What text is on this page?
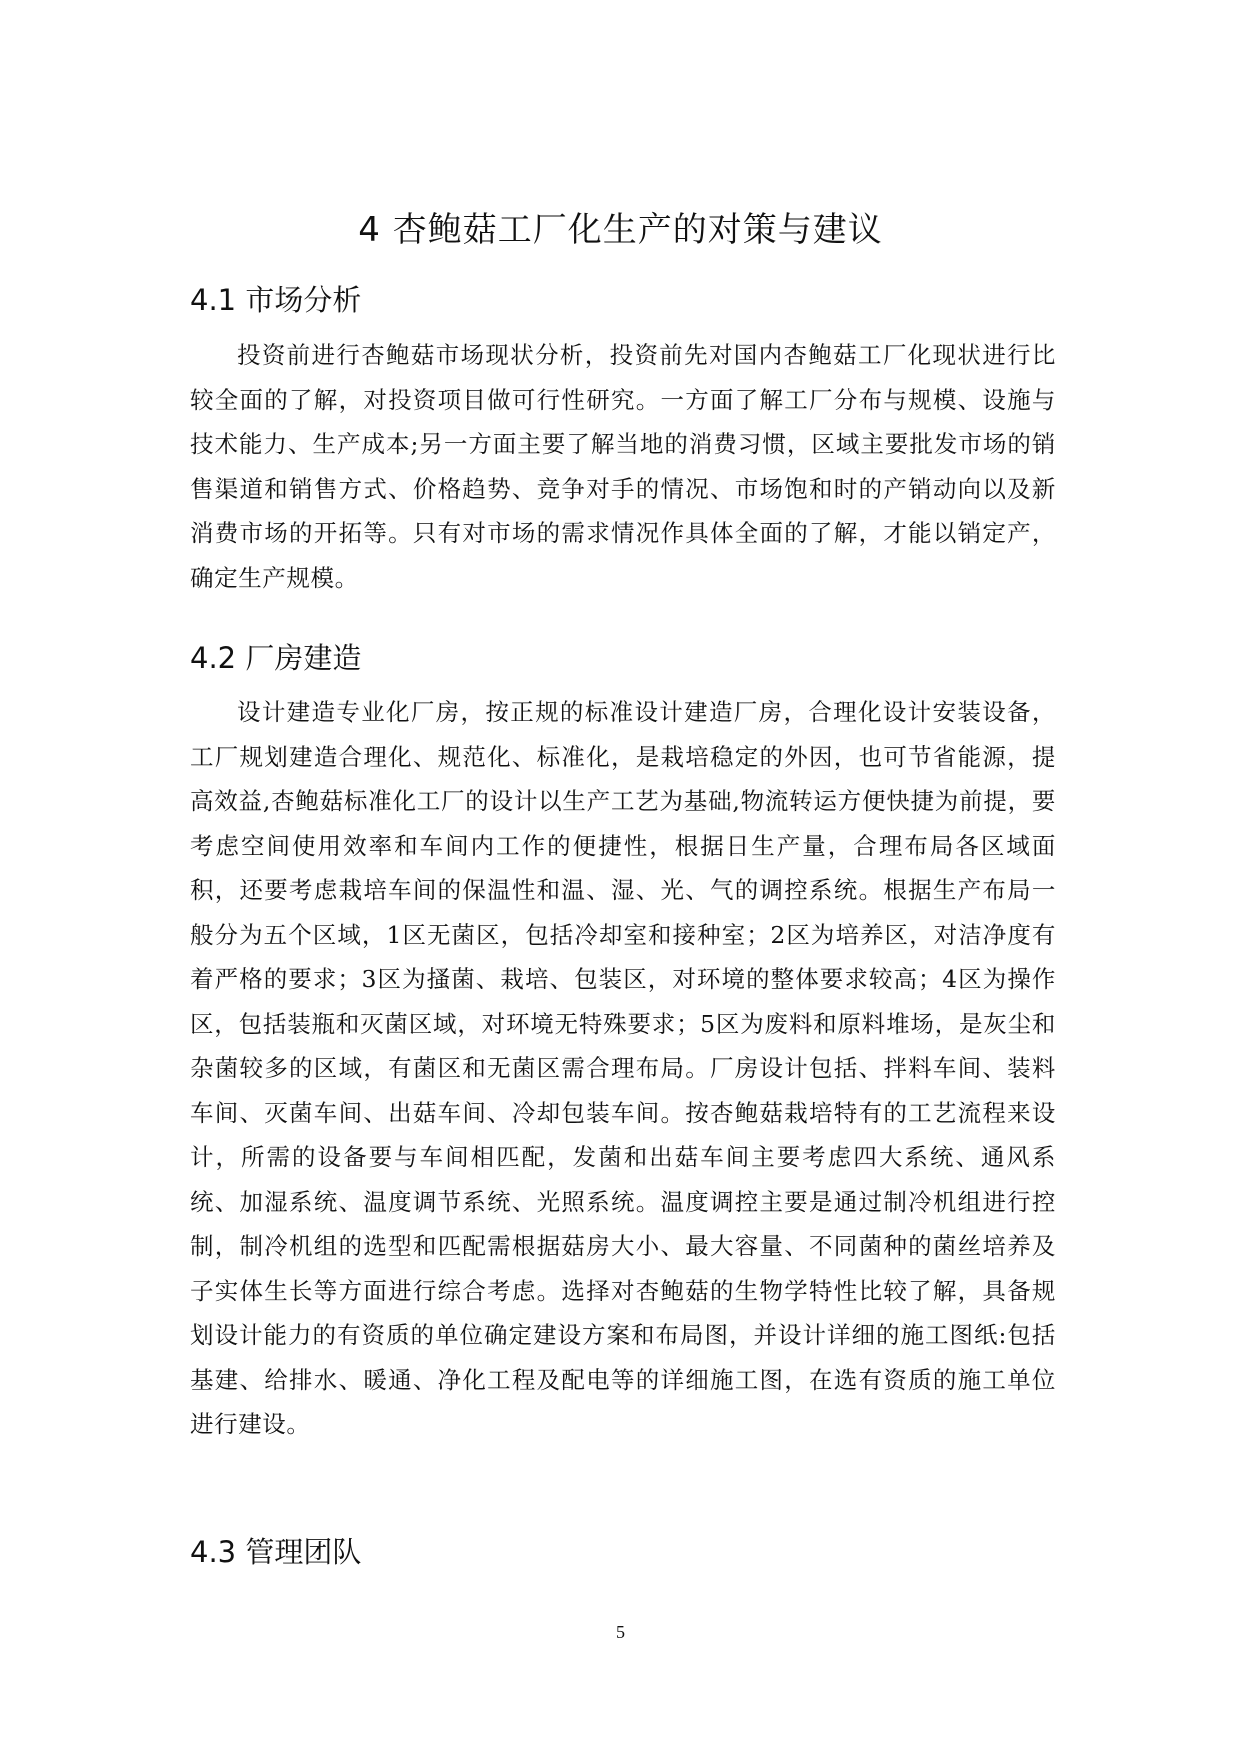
4 杏鲍菇工厂化生产的对策与建议
4.1 市场分析

投资前进行杏鲍菇市场现状分析，投资前先对国内杏鲍菇工厂化现状进行比较全面的了解，对投资项目做可行性研究。一方面了解工厂分布与规模、设施与技术能力、生产成本;另一方面主要了解当地的消费习惯，区域主要批发市场的销售渠道和销售方式、价格趋势、竞争对手的情况、市场饱和时的产销动向以及新消费市场的开拓等。只有对市场的需求情况作具体全面的了解，才能以销定产，确定生产规模。

4.2 厂房建造

设计建造专业化厂房，按正规的标准设计建造厂房，合理化设计安装设备，工厂规划建造合理化、规范化、标准化，是栽培稳定的外因，也可节省能源，提高效益,杏鲍菇标准化工厂的设计以生产工艺为基础,物流转运方便快捷为前提，要考虑空间使用效率和车间内工作的便捷性，根据日生产量，合理布局各区域面积，还要考虑栽培车间的保温性和温、湿、光、气的调控系统。根据生产布局一般分为五个区域，1区无菌区，包括冷却室和接种室；2区为培养区，对洁净度有着严格的要求；3区为搔菌、栽培、包装区，对环境的整体要求较高；4区为操作区，包括装瓶和灭菌区域，对环境无特殊要求；5区为废料和原料堆场，是灰尘和杂菌较多的区域，有菌区和无菌区需合理布局。厂房设计包括、拌料车间、装料车间、灭菌车间、出菇车间、冷却包装车间。按杏鲍菇栽培特有的工艺流程来设计，所需的设备要与车间相匹配，发菌和出菇车间主要考虑四大系统、通风系统、加湿系统、温度调节系统、光照系统。温度调控主要是通过制冷机组进行控制，制冷机组的选型和匹配需根据菇房大小、最大容量、不同菌种的菌丝培养及子实体生长等方面进行综合考虑。选择对杏鲍菇的生物学特性比较了解，具备规划设计能力的有资质的单位确定建设方案和布局图，并设计详细的施工图纸:包括基建、给排水、暖通、净化工程及配电等的详细施工图，在选有资质的施工单位进行建设。

4.3 管理团队
5
